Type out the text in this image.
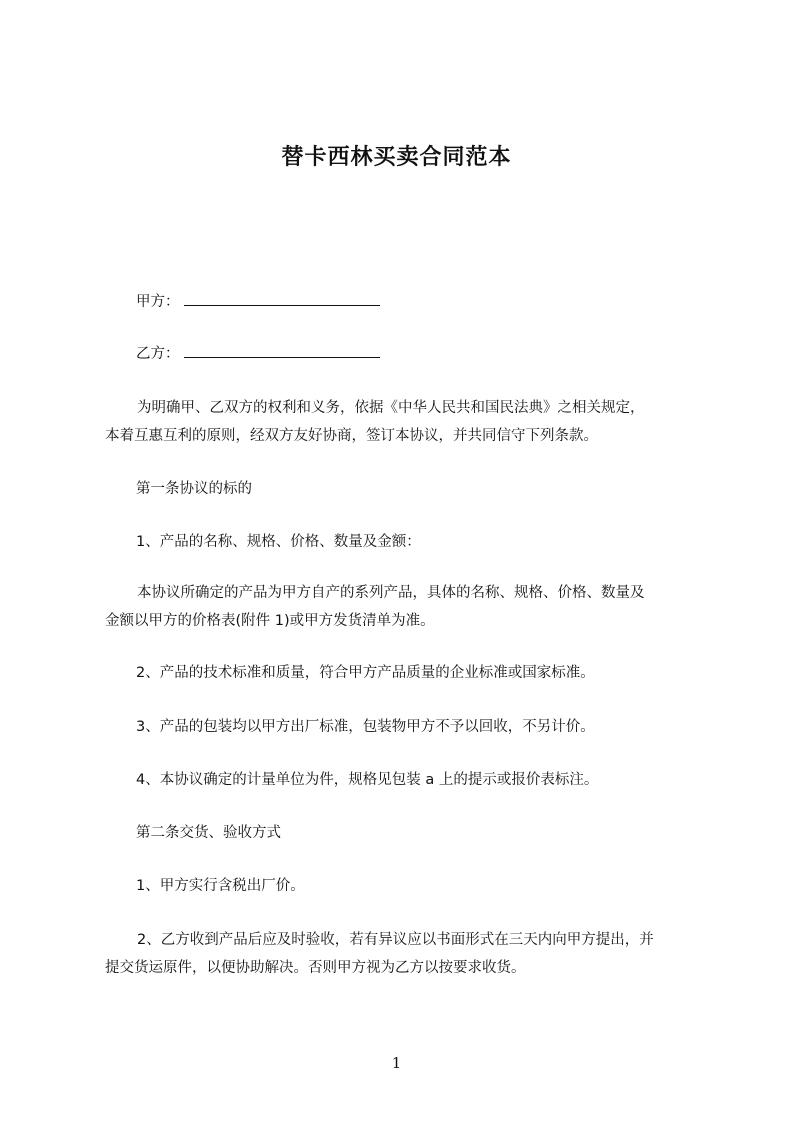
替卡西林买卖合同范本
甲方：
乙方：
为明确甲、乙双方的权利和义务，依据《中华人民共和国民法典》之相关规定，
本着互惠互利的原则，经双方友好协商，签订本协议，并共同信守下列条款。
第一条协议的标的
1、产品的名称、规格、价格、数量及金额：
本协议所确定的产品为甲方自产的系列产品，具体的名称、规格、价格、数量及
金额以甲方的价格表(附件 1)或甲方发货清单为准。
2、产品的技术标准和质量，符合甲方产品质量的企业标准或国家标准。
3、产品的包装均以甲方出厂标准，包装物甲方不予以回收，不另计价。
4、本协议确定的计量单位为件，规格见包装 a 上的提示或报价表标注。
第二条交货、验收方式
1、甲方实行含税出厂价。
2、乙方收到产品后应及时验收，若有异议应以书面形式在三天内向甲方提出，并
提交货运原件，以便协助解决。否则甲方视为乙方以按要求收货。
1
